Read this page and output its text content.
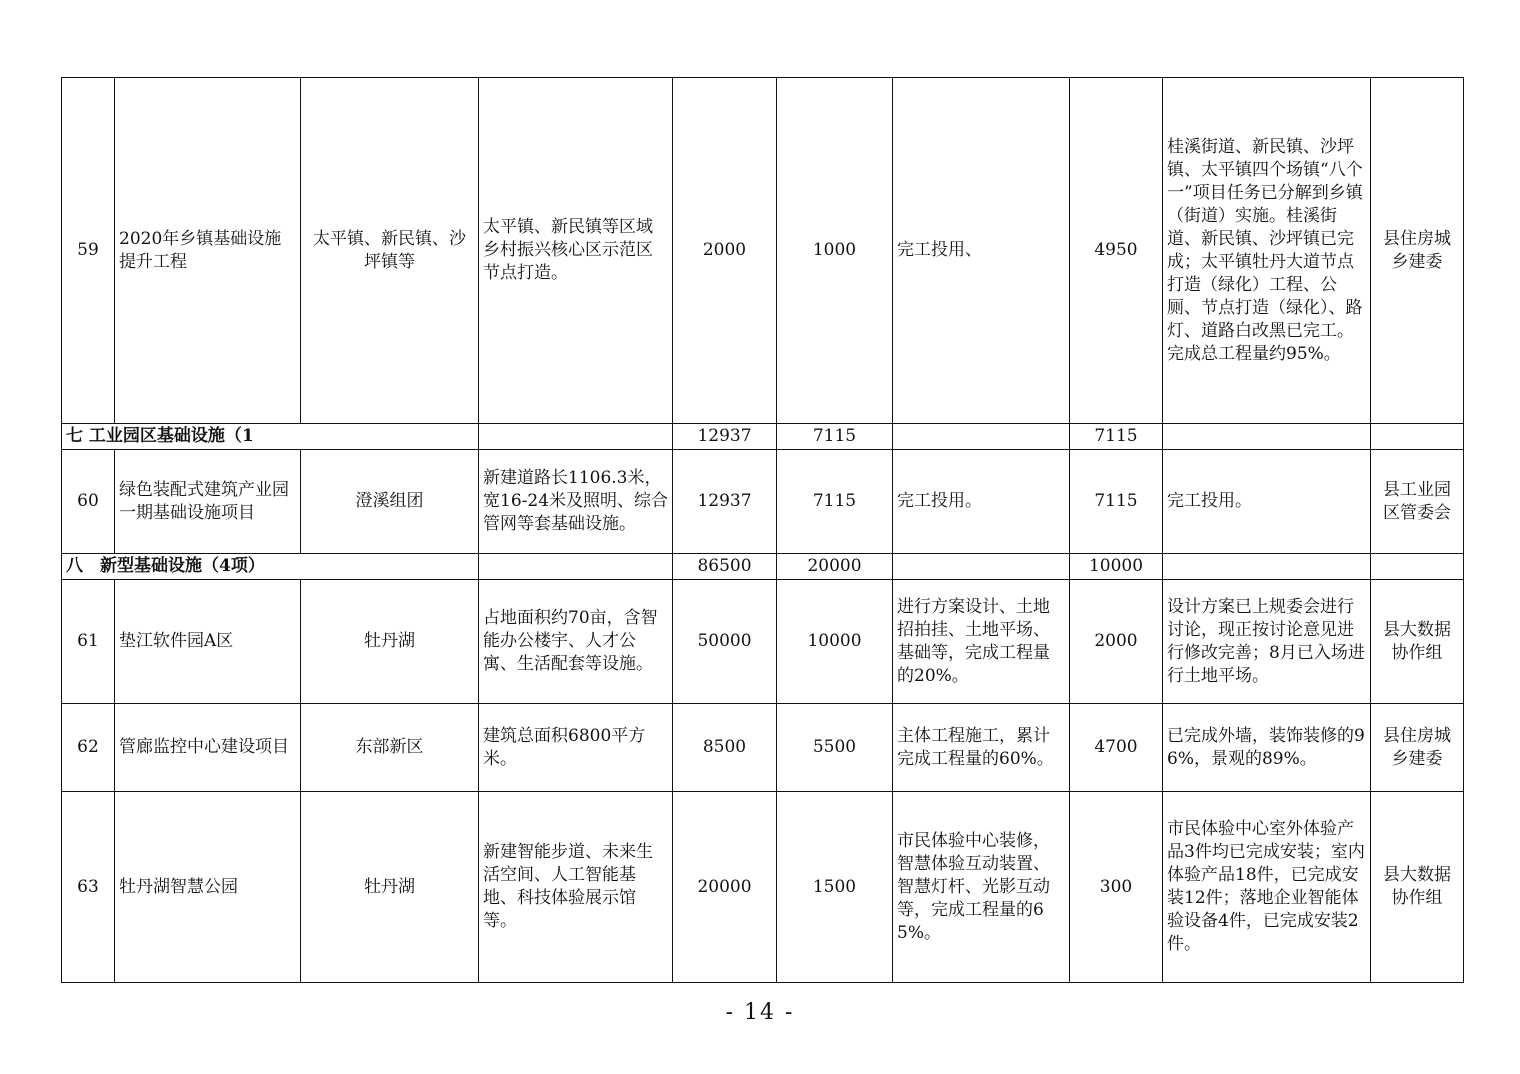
59	2020年乡镇基础设施提升工程	太平镇、新民镇、沙坪镇等	太平镇、新民镇等区域乡村振兴核心区示范区节点打造。	2000	1000	完工投用、	4950	桂溪街道、新民镇、沙坪镇、太平镇四个场镇“八个一”项目任务已分解到乡镇（街道）实施。桂溪街道、新民镇、沙坪镇已完成；太平镇牡丹大道节点打造（绿化）工程、公厕、节点打造（绿化）、路灯、道路白改黑已完工。完成总工程量约95%。	县住房城乡建委
七 工业园区基础设施（1				12937	7115		7115		
60	绿色装配式建筑产业园一期基础设施项目	澄溪组团	新建道路长1106.3米，宽16-24米及照明、综合管网等套基础设施。	12937	7115	完工投用。	7115	完工投用。	县工业园区管委会
八　新型基础设施（4项）				86500	20000		10000		
61	垫江软件园A区	牡丹湖	占地面积约70亩，含智能办公楼宇、人才公寓、生活配套等设施。	50000	10000	进行方案设计、土地招拍挂、土地平场、基础等，完成工程量的20%。	2000	设计方案已上规委会进行讨论，现正按讨论意见进行修改完善；8月已入场进行土地平场。	县大数据协作组
62	管廊监控中心建设项目	东部新区	建筑总面积6800平方米。	8500	5500	主体工程施工，累计完成工程量的60%。	4700	已完成外墙，装饰装修的96%，景观的89%。	县住房城乡建委
63	牡丹湖智慧公园	牡丹湖	新建智能步道、未来生活空间、人工智能基地、科技体验展示馆等。	20000	1500	市民体验中心装修，智慧体验互动装置、智慧灯杆、光影互动等，完成工程量的65%。	300	市民体验中心室外体验产品3件均已完成安装；室内体验产品18件，已完成安装12件；落地企业智能体验设备4件，已完成安装2件。	县大数据协作组
- 14 -
